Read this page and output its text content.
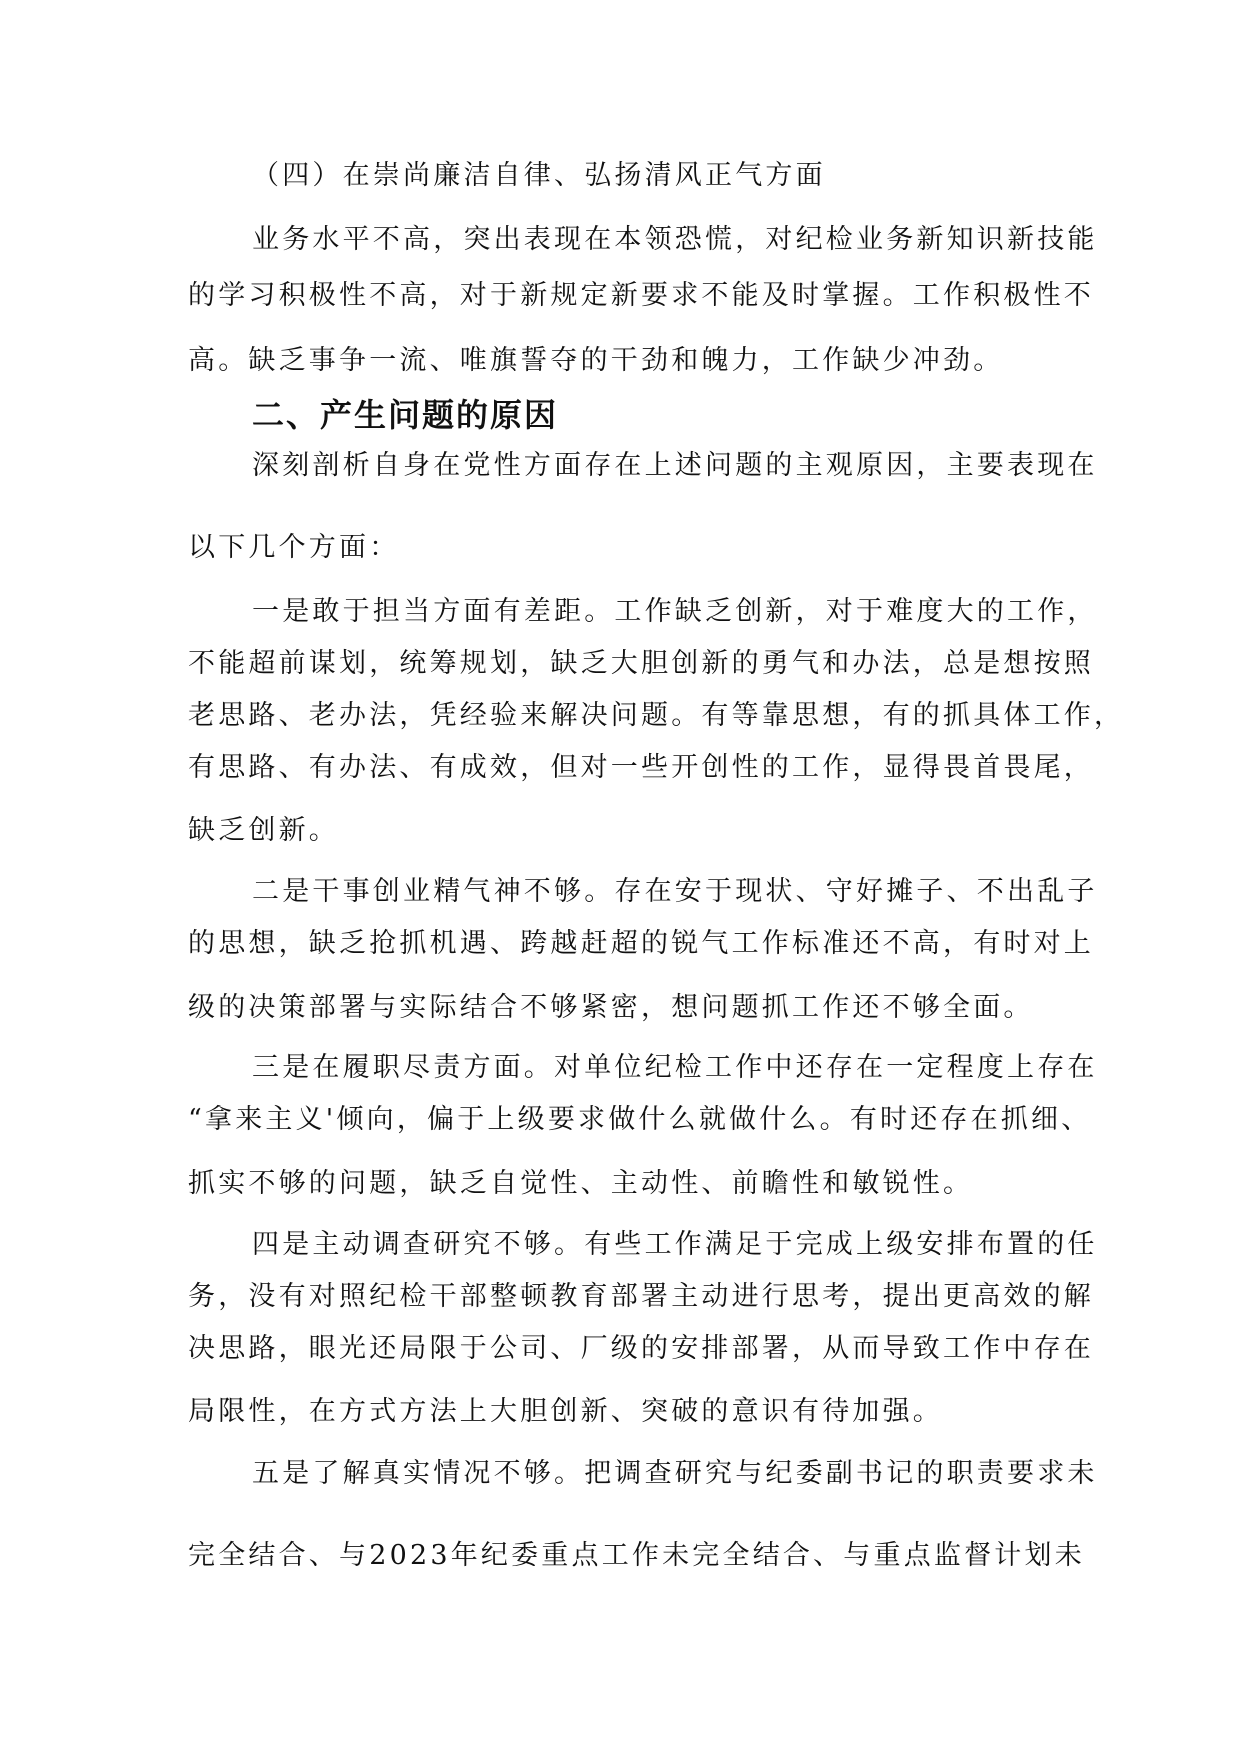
（四）在崇尚廉洁自律、弘扬清风正气方面
业务水平不高，突出表现在本领恐慌，对纪检业务新知识新技能
的学习积极性不高，对于新规定新要求不能及时掌握。工作积极性不
高。缺乏事争一流、唯旗誓夺的干劲和魄力，工作缺少冲劲。
二、产生问题的原因
深刻剖析自身在党性方面存在上述问题的主观原因，主要表现在
以下几个方面：
一是敢于担当方面有差距。工作缺乏创新，对于难度大的工作，
不能超前谋划，统筹规划，缺乏大胆创新的勇气和办法，总是想按照
老思路、老办法，凭经验来解决问题。有等靠思想，有的抓具体工作，
有思路、有办法、有成效，但对一些开创性的工作，显得畏首畏尾，
缺乏创新。
二是干事创业精气神不够。存在安于现状、守好摊子、不出乱子
的思想，缺乏抢抓机遇、跨越赶超的锐气工作标准还不高，有时对上
级的决策部署与实际结合不够紧密，想问题抓工作还不够全面。
三是在履职尽责方面。对单位纪检工作中还存在一定程度上存在
“拿来主义'倾向，偏于上级要求做什么就做什么。有时还存在抓细、
抓实不够的问题，缺乏自觉性、主动性、前瞻性和敏锐性。
四是主动调查研究不够。有些工作满足于完成上级安排布置的任
务，没有对照纪检干部整顿教育部署主动进行思考，提出更高效的解
决思路，眼光还局限于公司、厂级的安排部署，从而导致工作中存在
局限性，在方式方法上大胆创新、突破的意识有待加强。
五是了解真实情况不够。把调查研究与纪委副书记的职责要求未
完全结合、与2023年纪委重点工作未完全结合、与重点监督计划未
